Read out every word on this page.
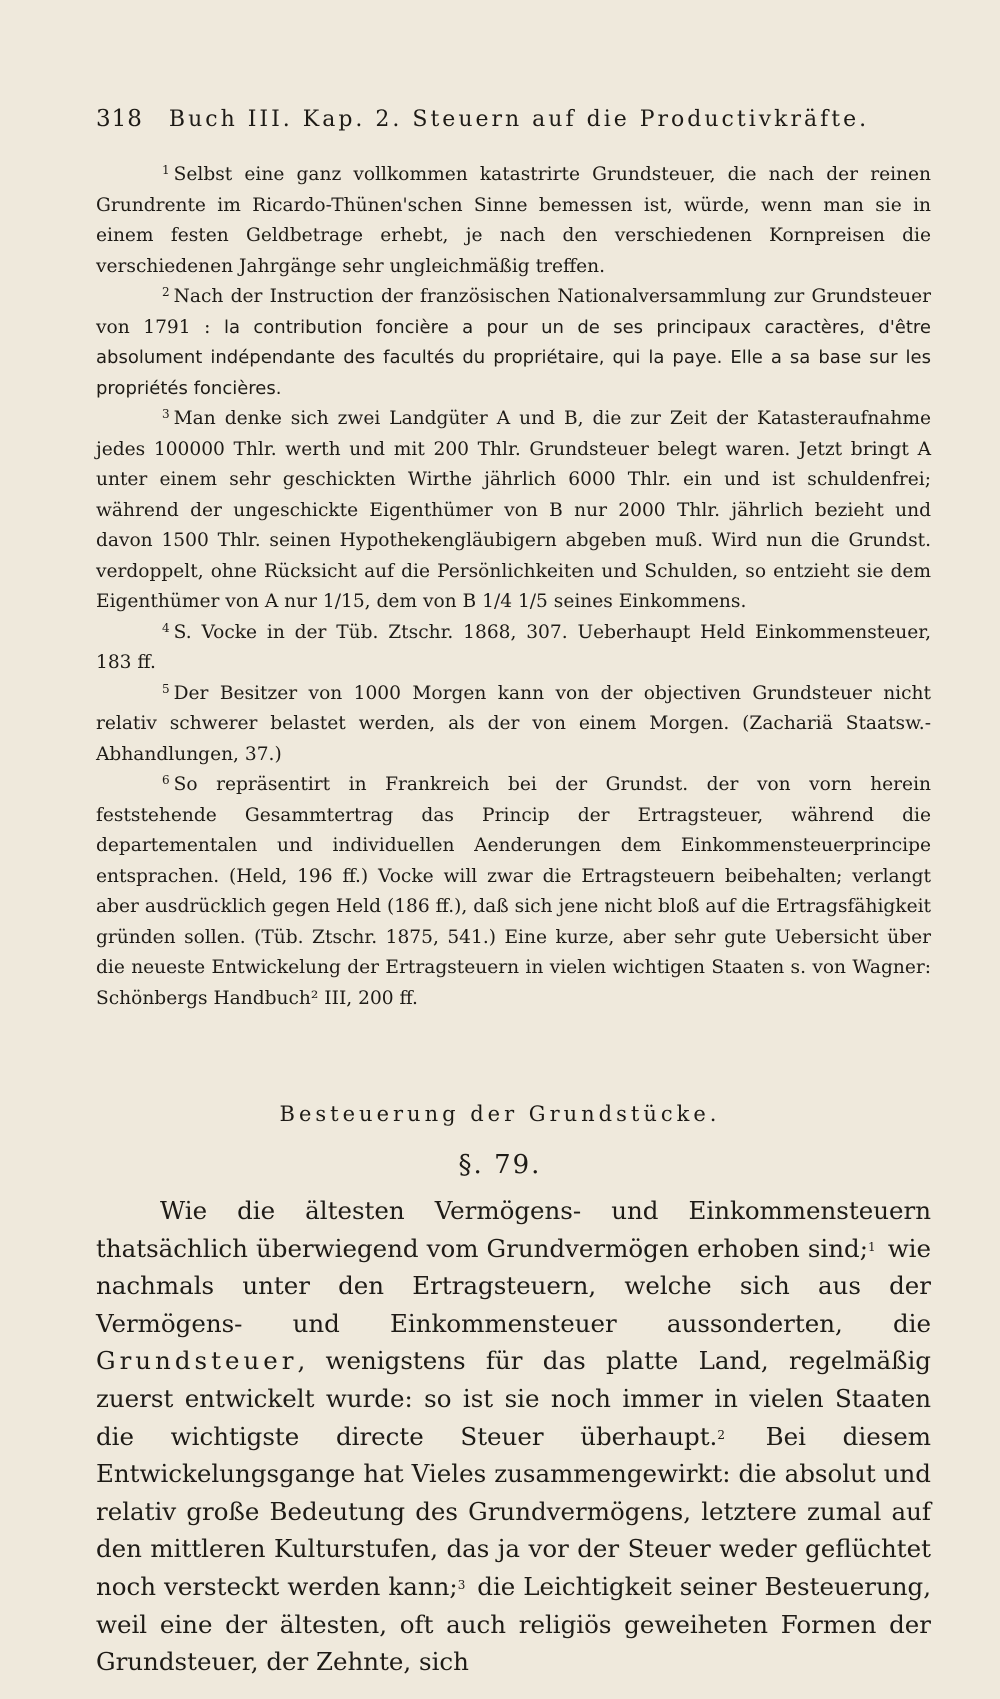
318 Buch III. Kap. 2. Steuern auf die Productivkräfte.

$^1$ Selbst eine ganz vollkommen katastrirte Grundsteuer, die nach der reinen Grundrente im Ricardo-Thünen'schen Sinne bemessen ist, würde, wenn man sie in einem festen Geldbetrage erhebt, je nach den verschiedenen Kornpreisen die verschiedenen Jahrgänge sehr ungleichmäßig treffen.

$^2$ Nach der Instruction der französischen Nationalversammlung zur Grundsteuer von 1791 : la contribution foncière a pour un de ses principaux caractères, d'être absolument indépendante des facultés du propriétaire, qui la paye. Elle a sa base sur les propriétés foncières.

$^3$ Man denke sich zwei Landgüter A und B, die zur Zeit der Katasteraufnahme jedes 100000 Thlr. werth und mit 200 Thlr. Grundsteuer belegt waren. Jetzt bringt A unter einem sehr geschickten Wirthe jährlich 6000 Thlr. ein und ist schuldenfrei; während der ungeschickte Eigenthümer von B nur 2000 Thlr. jährlich bezieht und davon 1500 Thlr. seinen Hypothekengläubigern abgeben muß. Wird nun die Grundst. verdoppelt, ohne Rücksicht auf die Persönlichkeiten und Schulden, so entzieht sie dem Eigenthümer von A nur 1/15, dem von B 1/4 1/5 seines Einkommens.

$^4$ S. Vocke in der Tüb. Ztschr. 1868, 307. Ueberhaupt Held Einkommensteuer, 183 ff.

$^5$ Der Besitzer von 1000 Morgen kann von der objectiven Grundsteuer nicht relativ schwerer belastet werden, als der von einem Morgen. (Zachariä Staatsw.-Abhandlungen, 37.)

$^6$ So repräsentirt in Frankreich bei der Grundst. der von vorn herein feststehende Gesammtertrag das Princip der Ertragsteuer, während die departementalen und individuellen Aenderungen dem Einkommensteuerprincipe entsprachen. (Held, 196 ff.) Vocke will zwar die Ertragsteuern beibehalten; verlangt aber ausdrücklich gegen Held (186 ff.), daß sich jene nicht bloß auf die Ertragsfähigkeit gründen sollen. (Tüb. Ztschr. 1875, 541.) Eine kurze, aber sehr gute Uebersicht über die neueste Entwickelung der Ertragsteuern in vielen wichtigen Staaten s. von Wagner: Schönbergs Handbuch² III, 200 ff.

Besteuerung der Grundstücke.
§. 79.

Wie die ältesten Vermögens- und Einkommensteuern thatsächlich überwiegend vom Grundvermögen erhoben sind;$^1$ wie nachmals unter den Ertragsteuern, welche sich aus der Vermögens- und Einkommensteuer aussonderten, die Grundsteuer, wenigstens für das platte Land, regelmäßig zuerst entwickelt wurde: so ist sie noch immer in vielen Staaten die wichtigste directe Steuer überhaupt.$^2$ Bei diesem Entwickelungsgange hat Vieles zusammengewirkt: die absolut und relativ große Bedeutung des Grundvermögens, letztere zumal auf den mittleren Kulturstufen, das ja vor der Steuer weder geflüchtet noch versteckt werden kann;$^3$ die Leichtigkeit seiner Besteuerung, weil eine der ältesten, oft auch religiös geweiheten Formen der Grundsteuer, der Zehnte, sich
